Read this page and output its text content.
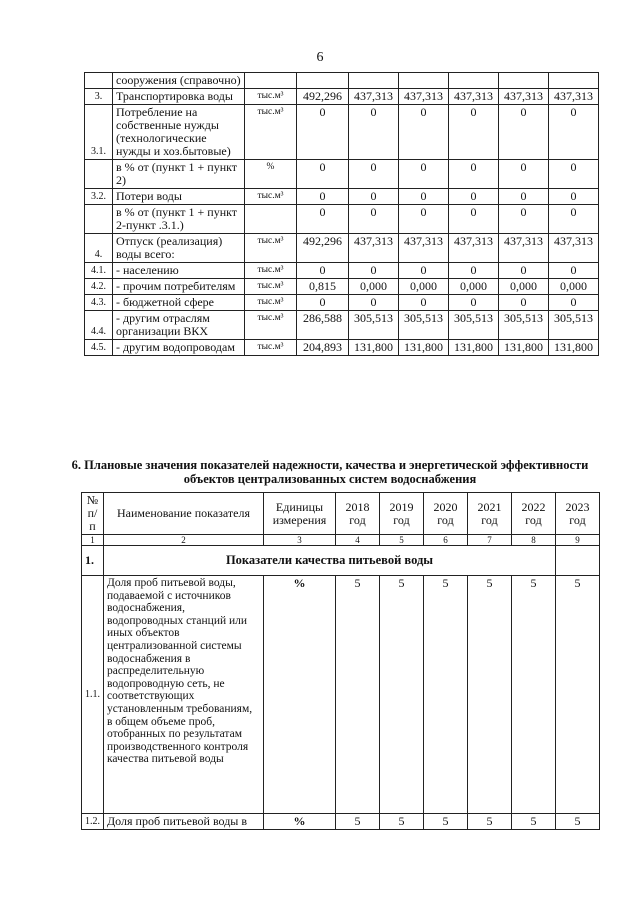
6
	сооружения (справочно)							
3.	Транспортировка воды	тыс.м³	492,296	437,313	437,313	437,313	437,313	437,313
3.1.	Потребление на собственные нужды (технологические нужды и хоз.бытовые)	тыс.м³	0	0	0	0	0	0
	в % от (пункт 1 + пункт 2)	%	0	0	0	0	0	0
3.2.	Потери воды	тыс.м³	0	0	0	0	0	0
	в % от (пункт 1 + пункт 2-пункт .3.1.)		0	0	0	0	0	0
4.	Отпуск (реализация) воды всего:	тыс.м³	492,296	437,313	437,313	437,313	437,313	437,313
4.1.	- населению	тыс.м³	0	0	0	0	0	0
4.2.	- прочим потребителям	тыс.м³	0,815	0,000	0,000	0,000	0,000	0,000
4.3.	- бюджетной сфере	тыс.м³	0	0	0	0	0	0
4.4.	- другим отраслям организации ВКХ	тыс.м³	286,588	305,513	305,513	305,513	305,513	305,513
4.5.	- другим водопроводам	тыс.м³	204,893	131,800	131,800	131,800	131,800	131,800
6. Плановые значения показателей надежности, качества и энергетической эффективности объектов централизованных систем водоснабжения
№ п/п	Наименование показателя	Единицы измерения	2018 год	2019 год	2020 год	2021 год	2022 год	2023 год
1	2	3	4	5	6	7	8	9
1.	Показатели качества питьевой воды							
1.1.	Доля проб питьевой воды, подаваемой с источников водоснабжения, водопроводных станций или иных объектов централизованной системы водоснабжения в распределительную водопроводную сеть, не соответствующих установленным требованиям, в общем объеме проб, отобранных по результатам производственного контроля качества питьевой воды	%	5	5	5	5	5	5
1.2.	Доля проб питьевой воды в	%	5	5	5	5	5	5
